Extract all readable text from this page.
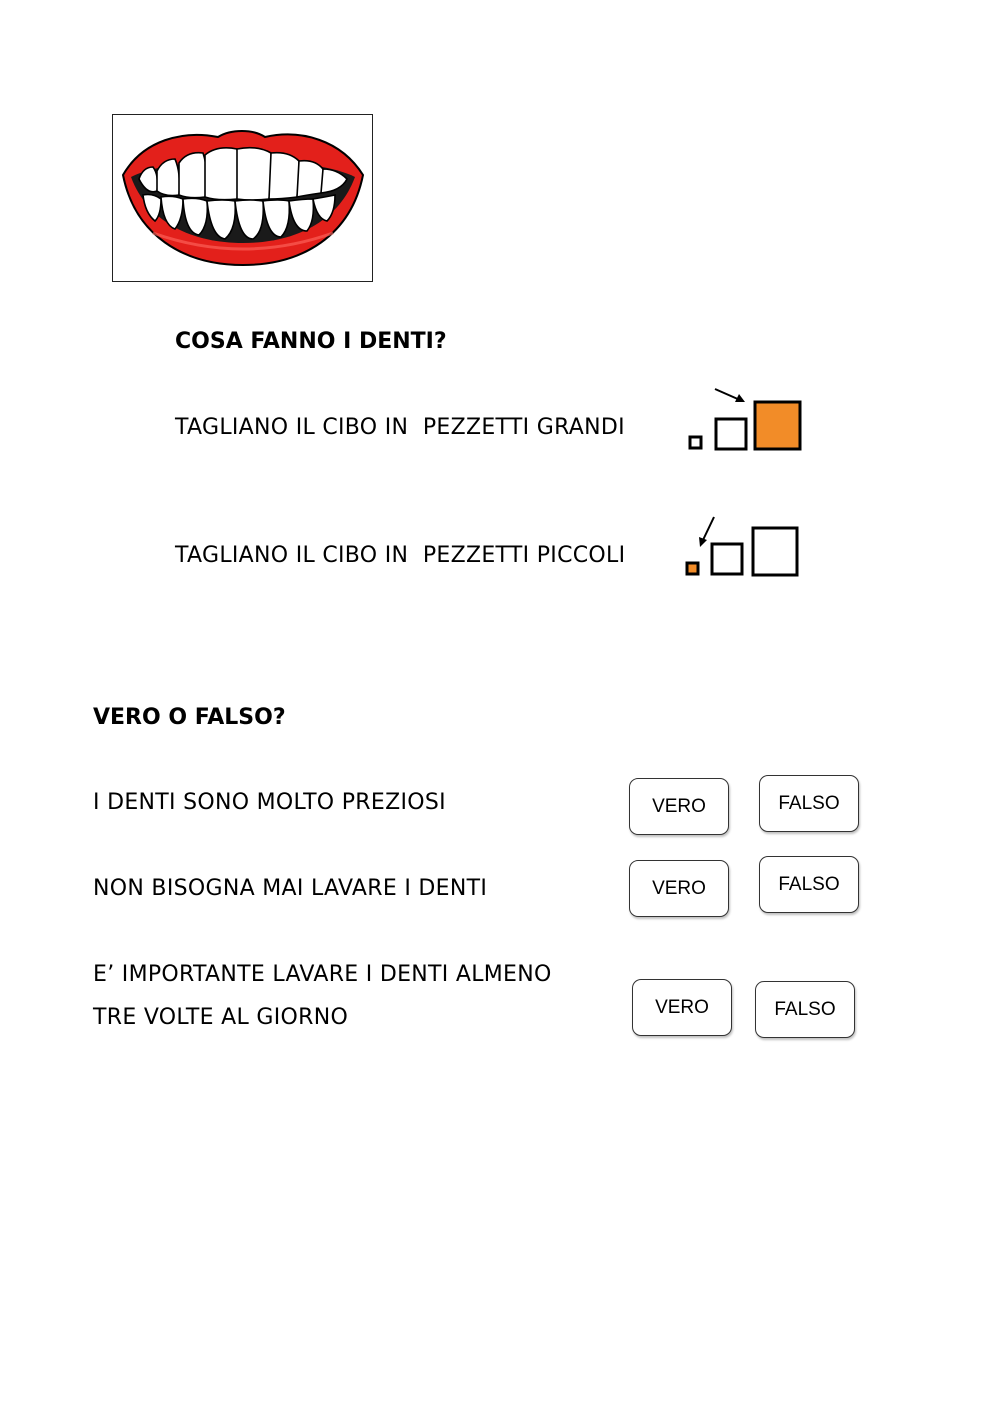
COSA FANNO I DENTI?
TAGLIANO IL CIBO IN  PEZZETTI GRANDI
TAGLIANO IL CIBO IN  PEZZETTI PICCOLI
VERO O FALSO?
I DENTI SONO MOLTO PREZIOSI	VERO	FALSO
NON BISOGNA MAI LAVARE I DENTI	VERO	FALSO
E’ IMPORTANTE LAVARE I DENTI ALMENO
TRE VOLTE AL GIORNO	VERO	FALSO
